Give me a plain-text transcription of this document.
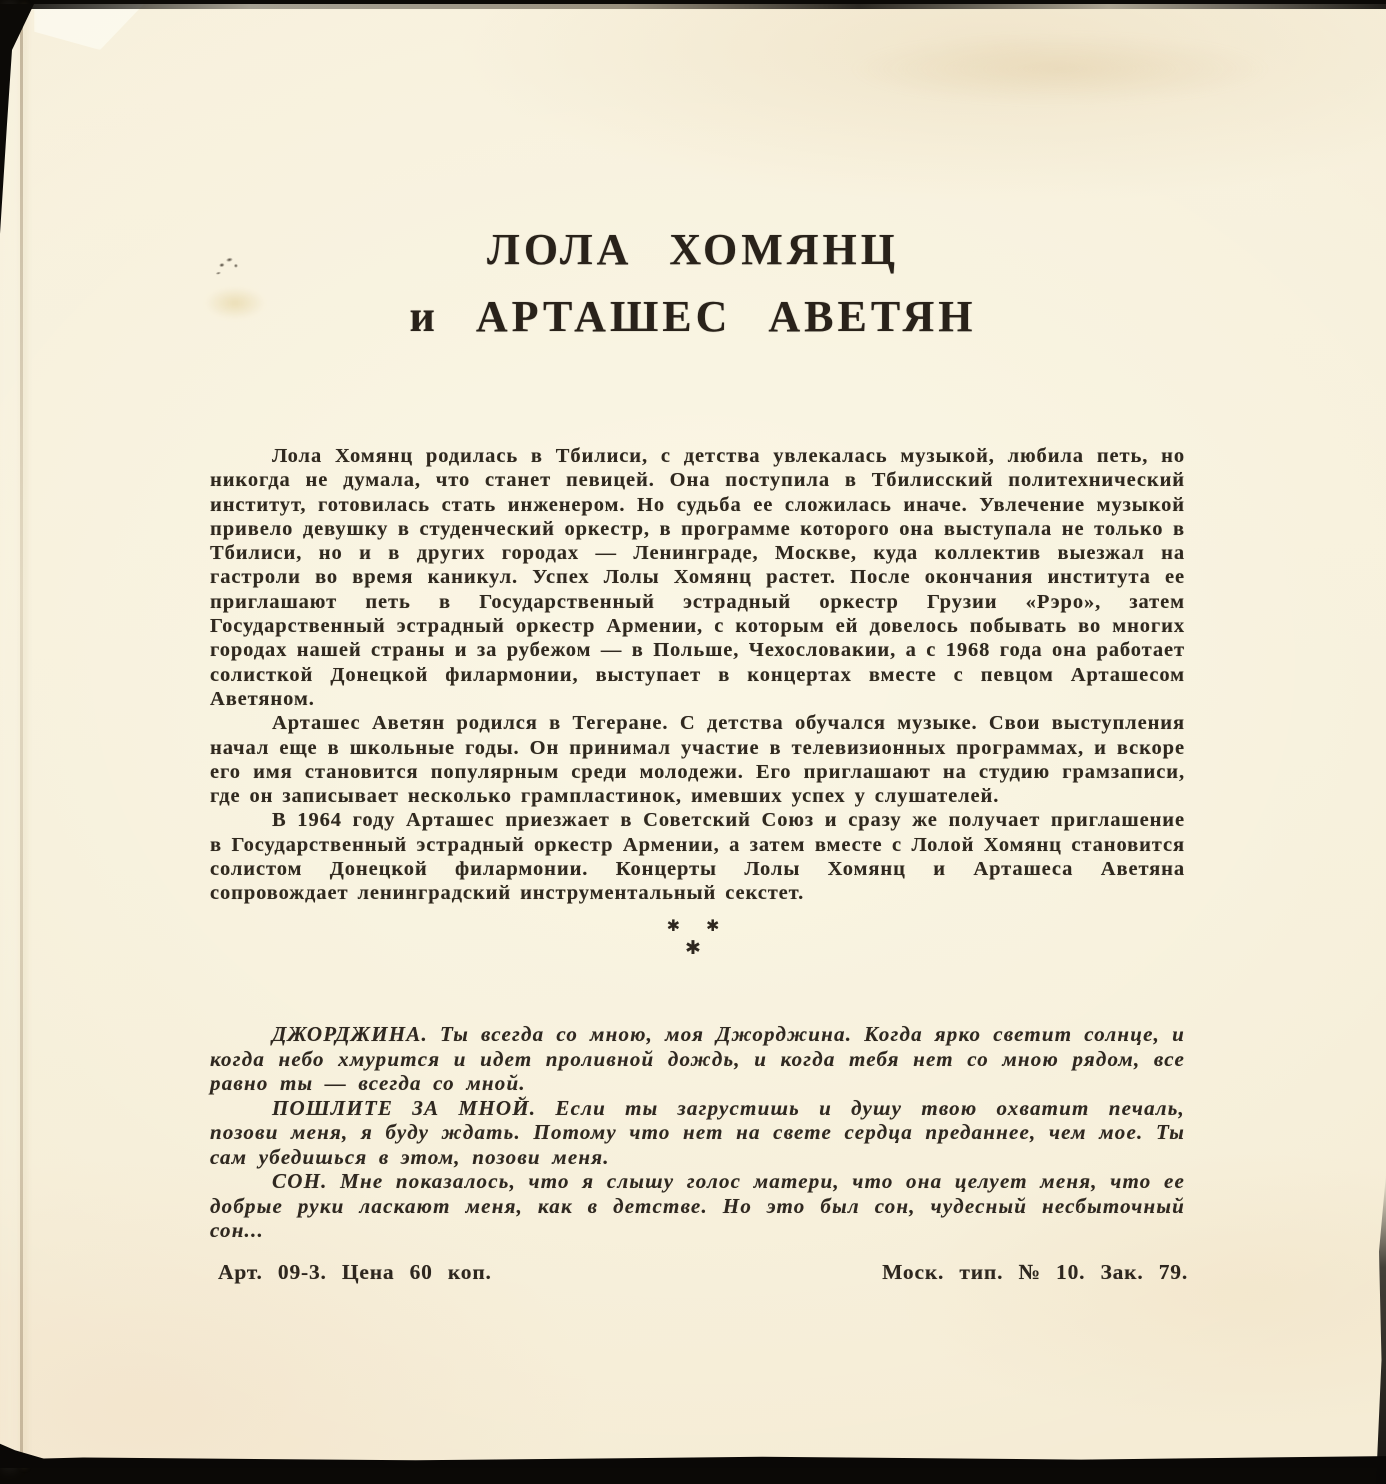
ЛОЛА ХОМЯНЦ
и АРТАШЕС АВЕТЯН

Лола Хомянц родилась в Тбилиси, с детства увлекалась музыкой, любила петь, но никогда не думала, что станет певицей. Она поступила в Тбилисский политехнический институт, готовилась стать инженером. Но судьба ее сложилась иначе. Увлечение музыкой привело девушку в студенческий оркестр, в программе которого она выступала не только в Тбилиси, но и в других городах — Ленинграде, Москве, куда коллектив выезжал на гастроли во время каникул. Успех Лолы Хомянц растет. После окончания института ее приглашают петь в Государственный эстрадный оркестр Грузии «Рэро», затем Государственный эстрадный оркестр Армении, с которым ей довелось побывать во многих городах нашей страны и за рубежом — в Польше, Чехословакии, а с 1968 года она работает солисткой Донецкой филармонии, выступает в концертах вместе с певцом Арташесом Аветяном.

Арташес Аветян родился в Тегеране. С детства обучался музыке. Свои выступления начал еще в школьные годы. Он принимал участие в телевизионных программах, и вскоре его имя становится популярным среди молодежи. Его приглашают на студию грамзаписи, где он записывает несколько грампластинок, имевших успех у слушателей.

В 1964 году Арташес приезжает в Советский Союз и сразу же получает приглашение в Государственный эстрадный оркестр Армении, а затем вместе с Лолой Хомянц становится солистом Донецкой филармонии. Концерты Лолы Хомянц и Арташеса Аветяна сопровождает ленинградский инструментальный секстет.

✱ ✱
✱

ДЖОРДЖИНА. Ты всегда со мною, моя Джорджина. Когда ярко светит солнце, и когда небо хмурится и идет проливной дождь, и когда тебя нет со мною рядом, все равно ты — всегда со мной.

ПОШЛИТЕ ЗА МНОЙ. Если ты загрустишь и душу твою охватит печаль, позови меня, я буду ждать. Потому что нет на свете сердца преданнее, чем мое. Ты сам убедишься в этом, позови меня.

СОН. Мне показалось, что я слышу голос матери, что она целует меня, что ее добрые руки ласкают меня, как в детстве. Но это был сон, чудесный несбыточный сон...

Арт. 09-3. Цена 60 коп.	Моск. тип. № 10. Зак. 79.
